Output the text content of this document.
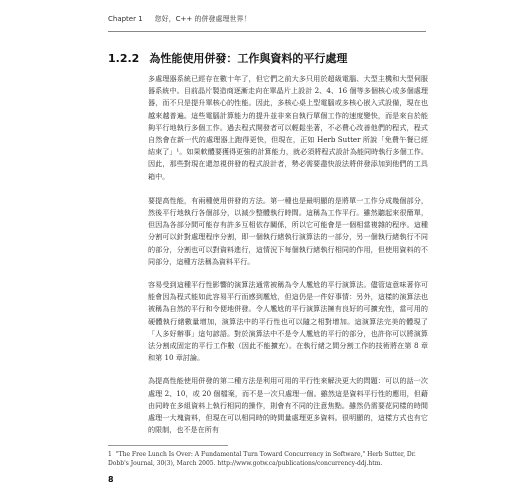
Chapter 1 您好，C++ 的併發處理世界！
1.2.2 為性能使用併發：工作與資料的平行處理

多處理器系統已經存在數十年了，但它們之前大多只用於超級電腦、大型主機和大型伺服器系統中。目前晶片製造商逐漸走向在單晶片上設計 2、4、16 個等多個核心或多個處理器，而不只是提升單核心的性能。因此，多核心桌上型電腦或多核心嵌入式設備，現在也越來越普遍。這些電腦計算能力的提升並非來自執行單個工作的速度變快，而是來自於能夠平行地執行多個工作。過去程式開發者可以輕鬆坐著，不必費心改善他們的程式，程式自然會在新一代的處理器上跑得更快，但現在，正如 Herb Sutter 所說「免費午餐已經結束了」¹。如果軟體要獲得更強的計算能力，就必須將程式設計為能同時執行多個工作。因此，那些對現在還忽視併發的程式設計者，勢必需要盡快設法將併發添加到他們的工具箱中。

要提高性能，有兩種使用併發的方法。第一種也是最明顯的是將單一工作分成幾個部分，然後平行地執行各個部分，以減少整體執行時間。這稱為工作平行。雖然聽起來很簡單，但因為各部分間可能存有許多互相依存關係，所以它可能會是一個相當複雜的程序。這種分割可以針對處理程序分割，即一個執行緒執行演算法的一部分，另一個執行緒執行不同的部分，分割也可以對資料進行，這情況下每個執行緒執行相同的作用，但使用資料的不同部分，這種方法稱為資料平行。

容易受到這種平行性影響的演算法通常被稱為令人尷尬的平行演算法。儘管這意味著你可能會因為程式能如此容易平行而感到尷尬，但這仍是一件好事情：另外，這樣的演算法也被稱為自然的平行和令便地併發。令人尷尬的平行演算法擁有良好的可擴充性，當可用的硬體執行緒數量增加，演算法中的平行性也可以隨之相對增加。這演算法完美的體現了「人多好辦事」這句諺語。對於演算法中不是令人尷尬的平行的部分，也許你可以將演算法分割成固定的平行工作數（因此不能擴充）。在執行緒之間分割工作的技術將在第 8 章和第 10 章討論。

為提高性能使用併發的第二種方法是利用可用的平行性來解決更大的問題：可以的話一次處理 2、10，或 20 個檔案，而不是一次只處理一個。雖然這是資料平行性的應用，但藉由同時在多組資料上執行相同的操作，則會有不同的注意焦點。雖然仍需要花同樣的時間處理一大塊資料，但現在可以相同時的時間量處理更多資料。很明顯的，這樣方式也有它的限制，也不是在所有

1 "The Free Lunch Is Over: A Fundamental Turn Toward Concurrency in Software," Herb Sutter, Dr. Dobb's Journal, 30(3), March 2005. http://www.gotw.ca/publications/concurrency-ddj.htm.
8
